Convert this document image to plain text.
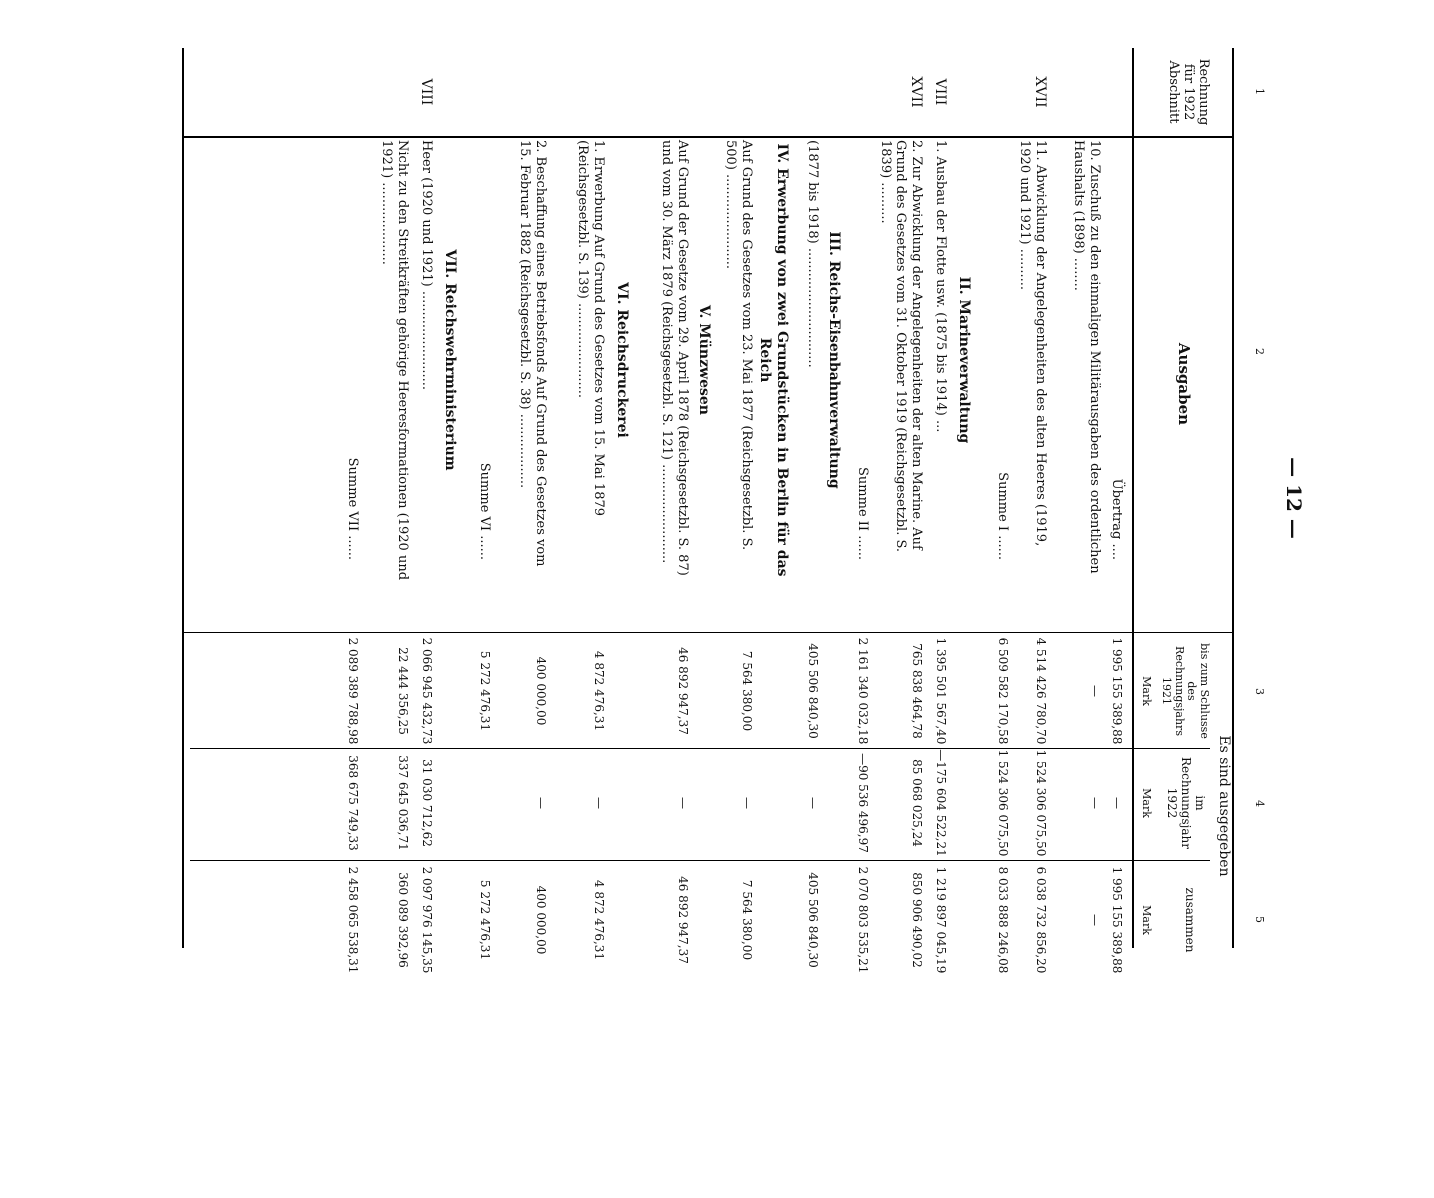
— 12 —
1
2
3
4
5
Rechnung für 1922 Abschnitt
Ausgaben
Es sind ausgegeben
bis zum Schlusse des Rechnungsjahrs 1921
im Rechnungsjahr 1922
zusammen
Mark
Mark
Mark
Übertrag ....
1 995 155 389,88
—
1 995 155 389,88
10. Zuschuß zu den einmaligen Militärausgaben des ordentlichen Haushalts (1898) ........
—
—
—
XVII
11. Abwicklung der Angelegenheiten des alten Heeres (1919, 1920 und 1921) ..........
4 514 426 780,70
1 524 306 075,50
6 038 732 856,20
Summe I ......
6 509 582 170,58
1 524 306 075,50
8 033 888 246,08
II. Marineverwaltung
VIII
1. Ausbau der Flotte usw. (1875 bis 1914) ...
1 395 501 567,40
—175 604 522,21
1 219 897 045,19
XVII
2. Zur Abwicklung der Angelegenheiten der alten Marine. Auf Grund des Gesetzes vom 31. Oktober 1919 (Reichsgesetzbl. S. 1839) ..........
765 838 464,78
85 068 025,24
850 906 490,02
Summe II ......
2 161 340 032,18
—90 536 496,97
2 070 803 535,21
III. Reichs-Eisenbahnverwaltung
(1877 bis 1918) .............................
405 506 840,30
—
405 506 840,30
IV. Erwerbung von zwei Grundstücken in Berlin für das Reich
Auf Grund des Gesetzes vom 23. Mai 1877 (Reichsgesetzbl. S. 500) .......................
7 564 380,00
—
7 564 380,00
V. Münzwesen
Auf Grund der Gesetze vom 29. April 1878 (Reichsgesetzbl. S. 87) und vom 30. März 1879 (Reichsgesetzbl. S. 121) ........................
46 892 947,37
—
46 892 947,37
VI. Reichsdruckerei
1. Erwerbung Auf Grund des Gesetzes vom 15. Mai 1879 (Reichsgesetzbl. S. 139) .......................
4 872 476,31
—
4 872 476,31
2. Beschaffung eines Betriebsfonds Auf Grund des Gesetzes vom 15. Februar 1882 (Reichsgesetzbl. S. 38) ..................
400 000,00
—
400 000,00
Summe VI ......
5 272 476,31
5 272 476,31
VII. Reichswehrministerium
VIII
Heer (1920 und 1921) ........................
2 066 945 432,73
31 030 712,62
2 097 976 145,35
Nicht zu den Streitkräften gehörige Heeresformationen (1920 und 1921) ....................
22 444 356,25
337 645 036,71
360 089 392,96
Summe VII ......
2 089 389 788,98
368 675 749,33
2 458 065 538,31
